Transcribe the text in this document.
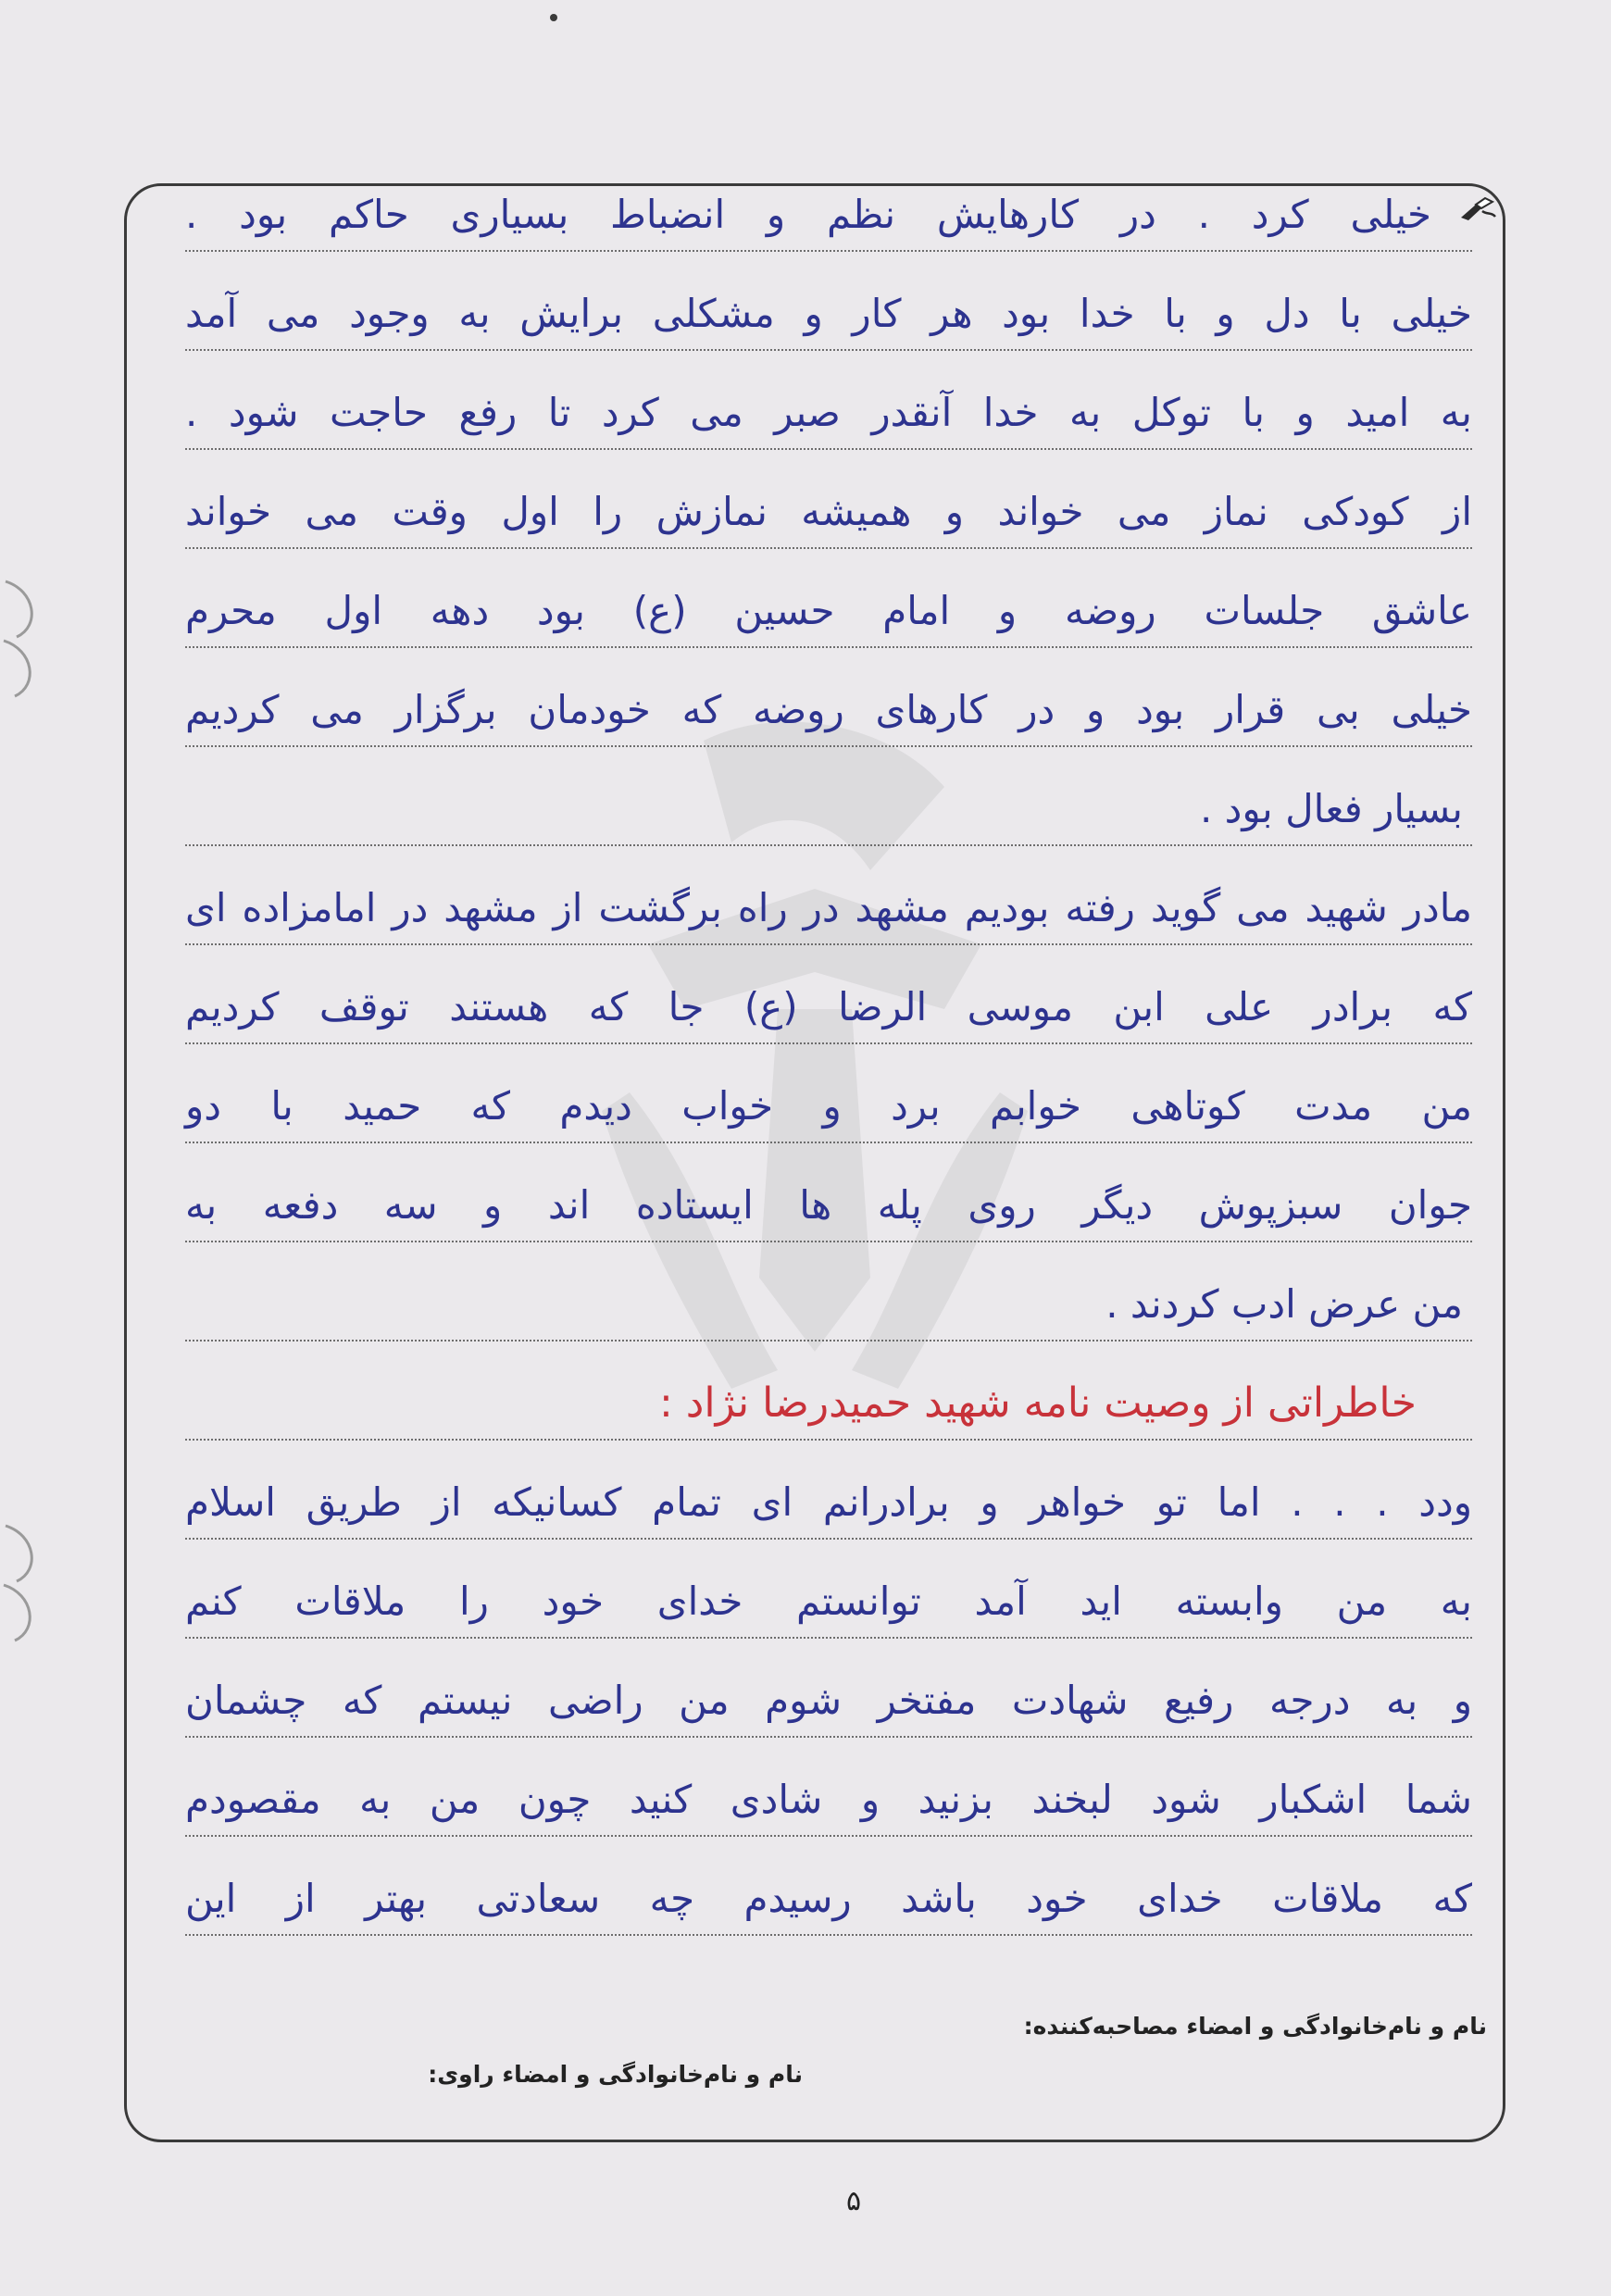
خیلی کرد . در کارهایش نظم و انضباط بسیاری حاکم بود .
خیلی با دل و با خدا بود هر کار و مشکلی برایش به وجود می آمد
به امید و با توکل به خدا آنقدر صبر می کرد تا رفع حاجت شود .
از کودکی نماز می خواند و همیشه نمازش را اول وقت می خواند
عاشق جلسات روضه و امام حسین (ع) بود دهه اول محرم
خیلی بی قرار بود و در کارهای روضه که خودمان برگزار می کردیم
بسیار فعال بود .
مادر شهید می گوید رفته بودیم مشهد در راه برگشت از مشهد در امامزاده ای
که برادر علی ابن موسی الرضا (ع) جا که هستند توقف کردیم
من مدت کوتاهی خوابم برد و خواب دیدم که حمید با دو
جوان سبزپوش دیگر روی پله ها ایستاده اند و سه دفعه به
من عرض ادب کردند .
خاطراتی از وصیت نامه شهید حمیدرضا نژاد :
ودد . . . اما تو خواهر و برادرانم ای تمام کسانیکه از طریق اسلام
به من وابسته اید آمد توانستم خدای خود را ملاقات کنم
و به درجه رفیع شهادت مفتخر شوم من راضی نیستم که چشمان
شما اشکبار شود لبخند بزنید و شادی کنید چون من به مقصودم
که ملاقات خدای خود باشد رسیدم چه سعادتی بهتر از این
نام و نام‌خانوادگی و امضاء مصاحبه‌کننده:
نام و نام‌خانوادگی و امضاء راوی:
۵
